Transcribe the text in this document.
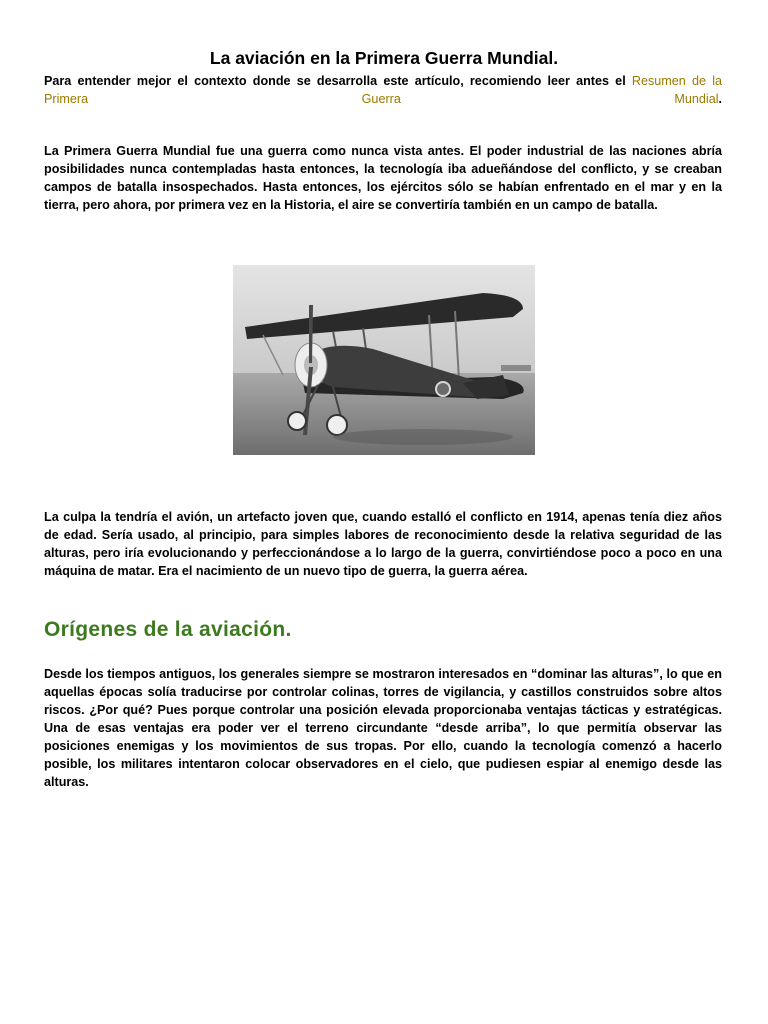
La aviación en la Primera Guerra Mundial.

Para entender mejor el contexto donde se desarrolla este artículo, recomiendo leer antes el Resumen de la Primera Guerra Mundial.

La Primera Guerra Mundial fue una guerra como nunca vista antes. El poder industrial de las naciones abría posibilidades nunca contempladas hasta entonces, la tecnología iba adueñándose del conflicto, y se creaban campos de batalla insospechados. Hasta entonces, los ejércitos sólo se habían enfrentado en el mar y en la tierra, pero ahora, por primera vez en la Historia, el aire se convertiría también en un campo de batalla.

La culpa la tendría el avión, un artefacto joven que, cuando estalló el conflicto en 1914, apenas tenía diez años de edad. Sería usado, al principio, para simples labores de reconocimiento desde la relativa seguridad de las alturas, pero iría evolucionando y perfeccionándose a lo largo de la guerra, convirtiéndose poco a poco en una máquina de matar. Era el nacimiento de un nuevo tipo de guerra, la guerra aérea.

Orígenes de la aviación.

Desde los tiempos antiguos, los generales siempre se mostraron interesados en “dominar las alturas”, lo que en aquellas épocas solía traducirse por controlar colinas, torres de vigilancia, y castillos construidos sobre altos riscos. ¿Por qué? Pues porque controlar una posición elevada proporcionaba ventajas tácticas y estratégicas. Una de esas ventajas era poder ver el terreno circundante “desde arriba”, lo que permitía observar las posiciones enemigas y los movimientos de sus tropas. Por ello, cuando la tecnología comenzó a hacerlo posible, los militares intentaron colocar observadores en el cielo, que pudiesen espiar al enemigo desde las alturas.
